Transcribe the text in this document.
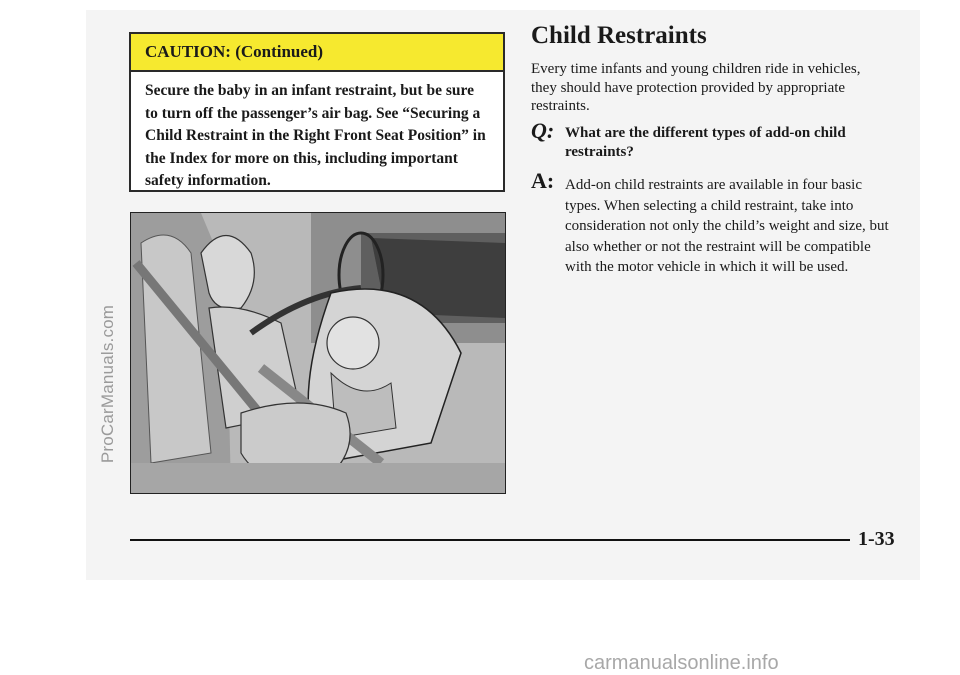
ProCarManuals.com
CAUTION: (Continued)
Secure the baby in an infant restraint, but be sure to turn off the passenger’s air bag. See “Securing a Child Restraint in the Right Front Seat Position” in the Index for more on this, including important safety information.
Child Restraints
Every time infants and young children ride in vehicles, they should have protection provided by appropriate restraints.
Q: What are the different types of add-on child restraints?
A: Add-on child restraints are available in four basic types. When selecting a child restraint, take into consideration not only the child’s weight and size, but also whether or not the restraint will be compatible with the motor vehicle in which it will be used.
1-33
carmanualsonline.info
